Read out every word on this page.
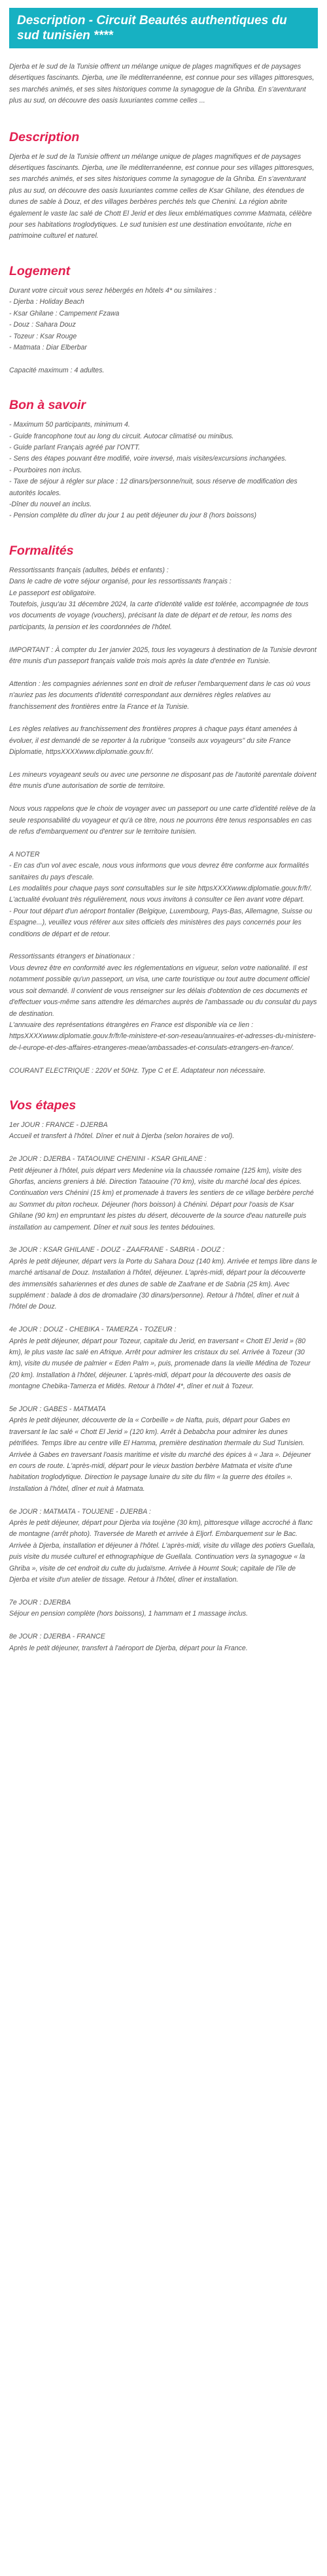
Description - Circuit Beautés authentiques du sud tunisien ****

Djerba et le sud de la Tunisie offrent un mélange unique de plages magnifiques et de paysages désertiques fascinants. Djerba, une île méditerranéenne, est connue pour ses villages pittoresques, ses marchés animés, et ses sites historiques comme la synagogue de la Ghriba. En s'aventurant plus au sud, on découvre des oasis luxuriantes comme celles ...

Description

Djerba et le sud de la Tunisie offrent un mélange unique de plages magnifiques et de paysages désertiques fascinants. Djerba, une île méditerranéenne, est connue pour ses villages pittoresques, ses marchés animés, et ses sites historiques comme la synagogue de la Ghriba. En s'aventurant plus au sud, on découvre des oasis luxuriantes comme celles de Ksar Ghilane, des étendues de dunes de sable à Douz, et des villages berbères perchés tels que Chenini. La région abrite également le vaste lac salé de Chott El Jerid et des lieux emblématiques comme Matmata, célèbre pour ses habitations troglodytiques. Le sud tunisien est une destination envoûtante, riche en patrimoine culturel et naturel.

Logement

Durant votre circuit vous serez hébergés en hôtels 4* ou similaires :

- Djerba : Holiday Beach

- Ksar Ghilane : Campement Fzawa

- Douz : Sahara Douz

- Tozeur : Ksar Rouge

- Matmata : Diar Elberbar

Capacité maximum : 4 adultes.

Bon à savoir

- Maximum 50 participants, minimum 4.

- Guide francophone tout au long du circuit. Autocar climatisé ou minibus.

- Guide parlant Français agréé par l'ONTT.

- Sens des étapes pouvant être modifié, voire inversé, mais visites/excursions inchangées.

- Pourboires non inclus.

- Taxe de séjour à régler sur place : 12 dinars/personne/nuit, sous réserve de modification des autorités locales.

-Dîner du nouvel an inclus.

- Pension complète du dîner du jour 1 au petit déjeuner du jour 8 (hors boissons)

Formalités

Ressortissants français (adultes, bébés et enfants) :

Dans le cadre de votre séjour organisé, pour les ressortissants français :

Le passeport est obligatoire.

Toutefois, jusqu'au 31 décembre 2024, la carte d'identité valide est tolérée, accompagnée de tous vos documents de voyage (vouchers), précisant la date de départ et de retour, les noms des participants, la pension et les coordonnées de l'hôtel.

IMPORTANT : À compter du 1er janvier 2025, tous les voyageurs à destination de la Tunisie devront être munis d'un passeport français valide trois mois après la date d'entrée en Tunisie.

Attention : les compagnies aériennes sont en droit de refuser l'embarquement dans le cas où vous n'auriez pas les documents d'identité correspondant aux dernières règles relatives au franchissement des frontières entre la France et la Tunisie.

Les règles relatives au franchissement des frontières propres à chaque pays étant amenées à évoluer, il est demandé de se reporter à la rubrique "conseils aux voyageurs" du site France Diplomatie, httpsXXXXwww.diplomatie.gouv.fr/.

Les mineurs voyageant seuls ou avec une personne ne disposant pas de l'autorité parentale doivent être munis d'une autorisation de sortie de territoire.

Nous vous rappelons que le choix de voyager avec un passeport ou une carte d'identité relève de la seule responsabilité du voyageur et qu'à ce titre, nous ne pourrons être tenus responsables en cas de refus d'embarquement ou d'entrer sur le territoire tunisien.

A NOTER

- En cas d'un vol avec escale, nous vous informons que vous devrez être conforme aux formalités sanitaires du pays d'escale.

Les modalités pour chaque pays sont consultables sur le site httpsXXXXwww.diplomatie.gouv.fr/fr/. L'actualité évoluant très régulièrement, nous vous invitons à consulter ce lien avant votre départ.

- Pour tout départ d'un aéroport frontalier (Belgique, Luxembourg, Pays-Bas, Allemagne, Suisse ou Espagne...), veuillez vous référer aux sites officiels des ministères des pays concernés pour les conditions de départ et de retour.

Ressortissants étrangers et binationaux :

Vous devrez être en conformité avec les réglementations en vigueur, selon votre nationalité. Il est notamment possible qu'un passeport, un visa, une carte touristique ou tout autre document officiel vous soit demandé. Il convient de vous renseigner sur les délais d'obtention de ces documents et d'effectuer vous-même sans attendre les démarches auprès de l'ambassade ou du consulat du pays de destination.

L'annuaire des représentations étrangères en France est disponible via ce lien : httpsXXXXwww.diplomatie.gouv.fr/fr/le-ministere-et-son-reseau/annuaires-et-adresses-du-ministere-de-l-europe-et-des-affaires-etrangeres-meae/ambassades-et-consulats-etrangers-en-france/.

COURANT ELECTRIQUE : 220V et 50Hz. Type C et E. Adaptateur non nécessaire.

Vos étapes

1er JOUR : FRANCE - DJERBA

Accueil et transfert à l'hôtel. Dîner et nuit à Djerba (selon horaires de vol).

2e JOUR : DJERBA - TATAOUINE CHENINI - KSAR GHILANE :

Petit déjeuner à l'hôtel, puis départ vers Medenine via la chaussée romaine (125 km), visite des Ghorfas, anciens greniers à blé. Direction Tataouine (70 km), visite du marché local des épices. Continuation vers Chénini (15 km) et promenade à travers les sentiers de ce village berbère perché au Sommet du piton rocheux. Déjeuner (hors boisson) à Chénini. Départ pour l'oasis de Ksar Ghilane (90 km) en empruntant les pistes du désert, découverte de la source d'eau naturelle puis installation au campement. Dîner et nuit sous les tentes bédouines.

3e JOUR : KSAR GHILANE - DOUZ - ZAAFRANE - SABRIA - DOUZ :

Après le petit déjeuner, départ vers la Porte du Sahara Douz (140 km). Arrivée et temps libre dans le marché artisanal de Douz. Installation à l'hôtel, déjeuner. L'après-midi, départ pour la découverte des immensités sahariennes et des dunes de sable de Zaafrane et de Sabria (25 km). Avec supplément : balade à dos de dromadaire (30 dinars/personne). Retour à l'hôtel, dîner et nuit à l'hôtel de Douz.

4e JOUR : DOUZ - CHEBIKA - TAMERZA - TOZEUR :

Après le petit déjeuner, départ pour Tozeur, capitale du Jerid, en traversant « Chott El Jerid » (80 km), le plus vaste lac salé en Afrique. Arrêt pour admirer les cristaux du sel. Arrivée à Tozeur (30 km), visite du musée de palmier « Eden Palm », puis, promenade dans la vieille Médina de Tozeur (20 km). Installation à l'hôtel, déjeuner. L'après-midi, départ pour la découverte des oasis de montagne Chebika-Tamerza et Midès. Retour à l'hôtel 4*, dîner et nuit à Tozeur.

5e JOUR : GABES - MATMATA

Après le petit déjeuner, découverte de la « Corbeille » de Nafta, puis, départ pour Gabes en traversant le lac salé « Chott El Jerid » (120 km). Arrêt à Debabcha pour admirer les dunes pétrifiées. Temps libre au centre ville El Hamma, première destination thermale du Sud Tunisien. Arrivée à Gabes en traversant l'oasis maritime et visite du marché des épices à « Jara ». Déjeuner en cours de route. L'après-midi, départ pour le vieux bastion berbère Matmata et visite d'une habitation troglodytique. Direction le paysage lunaire du site du film « la guerre des étoiles ». Installation à l'hôtel, dîner et nuit à Matmata.

6e JOUR : MATMATA - TOUJENE - DJERBA :

Après le petit déjeuner, départ pour Djerba via toujène (30 km), pittoresque village accroché à flanc de montagne (arrêt photo). Traversée de Mareth et arrivée à Eljorf. Embarquement sur le Bac. Arrivée à Djerba, installation et déjeuner à l'hôtel. L'après-midi, visite du village des potiers Guellala, puis visite du musée culturel et ethnographique de Guellala. Continuation vers la synagogue « la Ghriba », visite de cet endroit du culte du judaïsme. Arrivée à Houmt Souk; capitale de l'île de Djerba et visite d'un atelier de tissage. Retour à l'hôtel, dîner et installation.

7e JOUR : DJERBA

Séjour en pension complète (hors boissons), 1 hammam et 1 massage inclus.

8e JOUR : DJERBA - FRANCE

Après le petit déjeuner, transfert à l'aéroport de Djerba, départ pour la France.
